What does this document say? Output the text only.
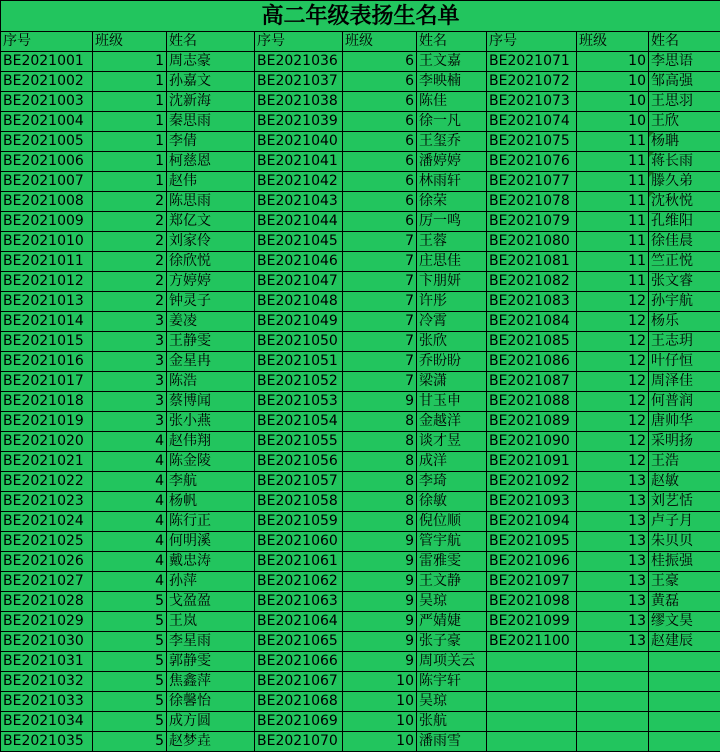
高二年级表扬生名单								
序号	班级	姓名	序号	班级	姓名	序号	班级	姓名
BE2021001	1	周志豪	BE2021036	6	王文嘉	BE2021071	10	李思语
BE2021002	1	孙嘉文	BE2021037	6	李映楠	BE2021072	10	邹高强
BE2021003	1	沈新海	BE2021038	6	陈佳	BE2021073	10	王思羽
BE2021004	1	秦思雨	BE2021039	6	徐一凡	BE2021074	10	王欣
BE2021005	1	李倩	BE2021040	6	王玺乔	BE2021075	11	杨聃
BE2021006	1	柯慈恩	BE2021041	6	潘婷婷	BE2021076	11	蒋长雨
BE2021007	1	赵伟	BE2021042	6	林雨轩	BE2021077	11	滕久弟
BE2021008	2	陈思雨	BE2021043	6	徐荣	BE2021078	11	沈秋悦
BE2021009	2	郑亿文	BE2021044	6	厉一鸣	BE2021079	11	孔维阳
BE2021010	2	刘家伶	BE2021045	7	王蓉	BE2021080	11	徐佳晨
BE2021011	2	徐欣悦	BE2021046	7	庄思佳	BE2021081	11	竺正悦
BE2021012	2	方婷婷	BE2021047	7	卞朋妍	BE2021082	11	张文睿
BE2021013	2	钟灵子	BE2021048	7	许彤	BE2021083	12	孙宇航
BE2021014	3	姜凌	BE2021049	7	冷霄	BE2021084	12	杨乐
BE2021015	3	王静雯	BE2021050	7	张欣	BE2021085	12	王志玥
BE2021016	3	金星冉	BE2021051	7	乔盼盼	BE2021086	12	叶仔恒
BE2021017	3	陈浩	BE2021052	7	梁潇	BE2021087	12	周泽佳
BE2021018	3	蔡博闻	BE2021053	9	甘玉申	BE2021088	12	何普润
BE2021019	3	张小燕	BE2021054	8	金越洋	BE2021089	12	唐帅华
BE2021020	4	赵伟翔	BE2021055	8	谈才昱	BE2021090	12	采明扬
BE2021021	4	陈金陵	BE2021056	8	成洋	BE2021091	12	王浩
BE2021022	4	李航	BE2021057	8	李琦	BE2021092	13	赵敏
BE2021023	4	杨帆	BE2021058	8	徐敏	BE2021093	13	刘艺恬
BE2021024	4	陈行正	BE2021059	8	倪位顺	BE2021094	13	卢子月
BE2021025	4	何明溪	BE2021060	9	管宇航	BE2021095	13	朱贝贝
BE2021026	4	戴忠涛	BE2021061	9	雷雅雯	BE2021096	13	桂振强
BE2021027	4	孙萍	BE2021062	9	王文静	BE2021097	13	王豪
BE2021028	5	戈盈盈	BE2021063	9	吴琼	BE2021098	13	黄磊
BE2021029	5	王岚	BE2021064	9	严婧婕	BE2021099	13	缪文昊
BE2021030	5	李星雨	BE2021065	9	张子豪	BE2021100	13	赵建辰
BE2021031	5	郭静雯	BE2021066	9	周项关云			
BE2021032	5	焦鑫萍	BE2021067	10	陈宇轩			
BE2021033	5	徐馨怡	BE2021068	10	吴琼			
BE2021034	5	成方圆	BE2021069	10	张航			
BE2021035	5	赵梦垚	BE2021070	10	潘雨雪			
